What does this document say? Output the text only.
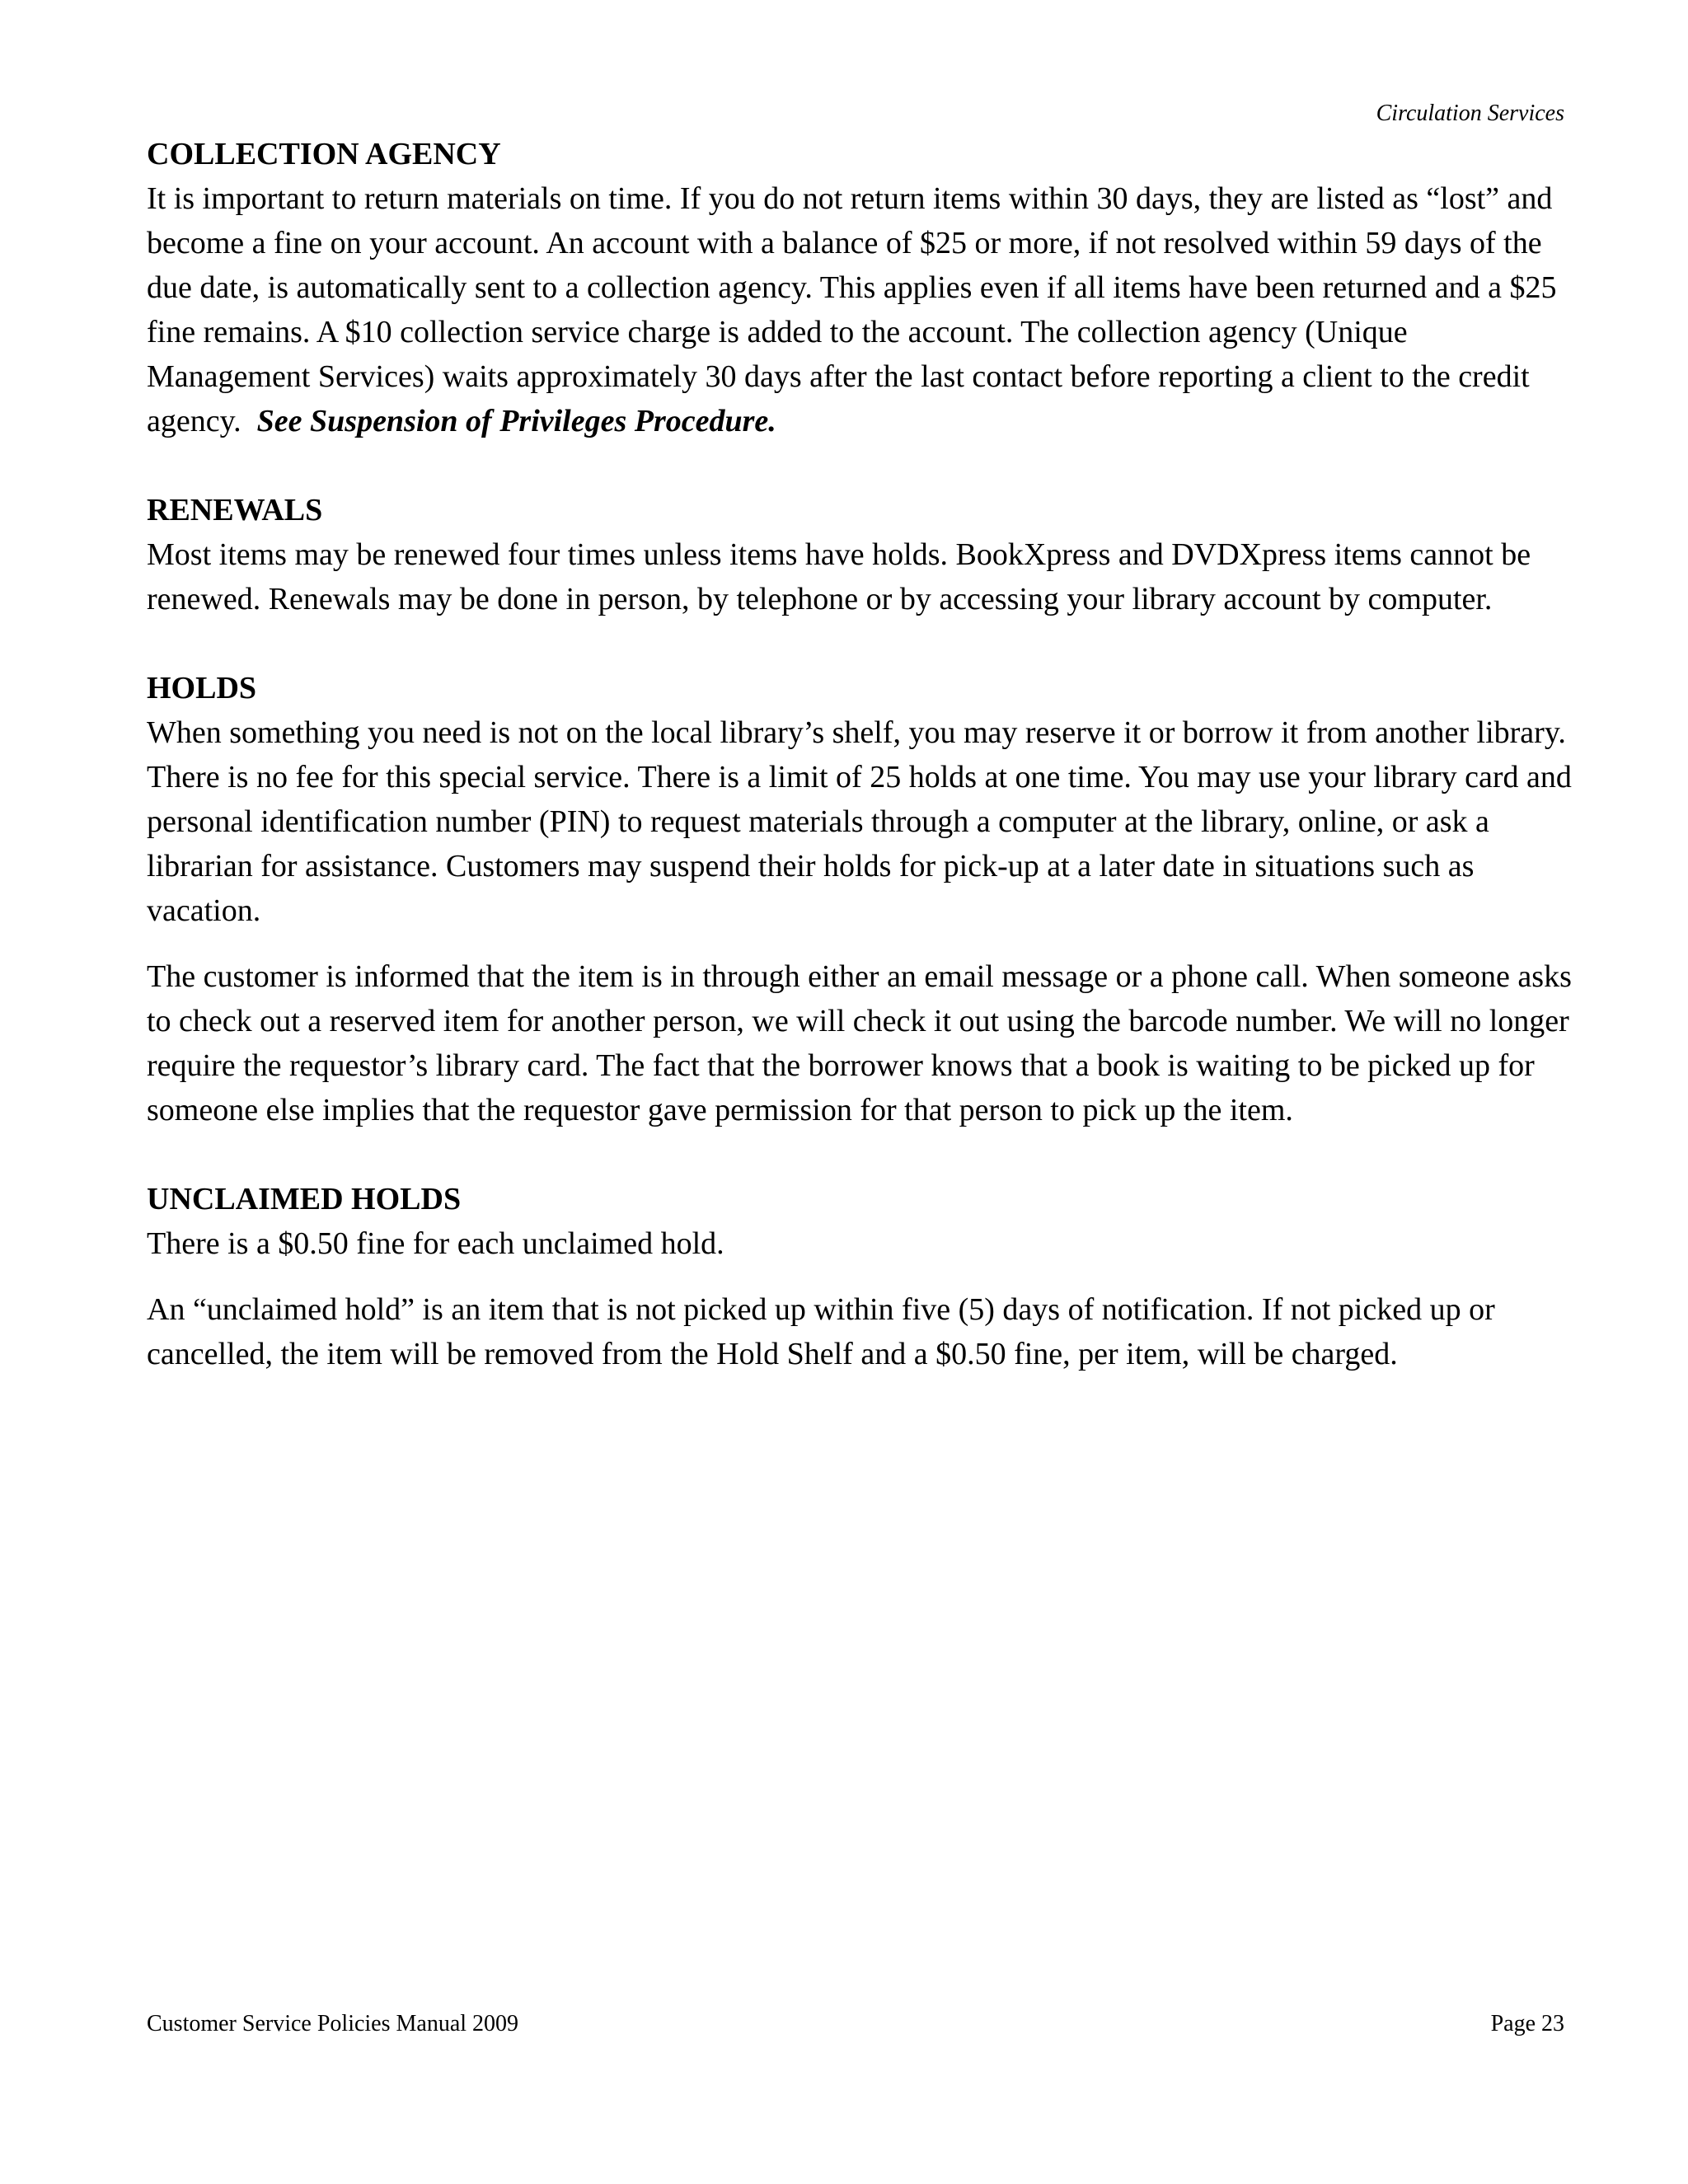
Circulation Services
COLLECTION AGENCY

It is important to return materials on time. If you do not return items within 30 days, they are listed as “lost” and become a fine on your account. An account with a balance of $25 or more, if not resolved within 59 days of the due date, is automatically sent to a collection agency. This applies even if all items have been returned and a $25 fine remains. A $10 collection service charge is added to the account. The collection agency (Unique Management Services) waits approximately 30 days after the last contact before reporting a client to the credit agency. See Suspension of Privileges Procedure.

RENEWALS

Most items may be renewed four times unless items have holds. BookXpress and DVDXpress items cannot be renewed. Renewals may be done in person, by telephone or by accessing your library account by computer.

HOLDS

When something you need is not on the local library’s shelf, you may reserve it or borrow it from another library. There is no fee for this special service. There is a limit of 25 holds at one time. You may use your library card and personal identification number (PIN) to request materials through a computer at the library, online, or ask a librarian for assistance. Customers may suspend their holds for pick-up at a later date in situations such as vacation.

The customer is informed that the item is in through either an email message or a phone call. When someone asks to check out a reserved item for another person, we will check it out using the barcode number. We will no longer require the requestor’s library card. The fact that the borrower knows that a book is waiting to be picked up for someone else implies that the requestor gave permission for that person to pick up the item.

UNCLAIMED HOLDS

There is a $0.50 fine for each unclaimed hold.

An “unclaimed hold” is an item that is not picked up within five (5) days of notification. If not picked up or cancelled, the item will be removed from the Hold Shelf and a $0.50 fine, per item, will be charged.

Customer Service Policies Manual 2009	Page 23
